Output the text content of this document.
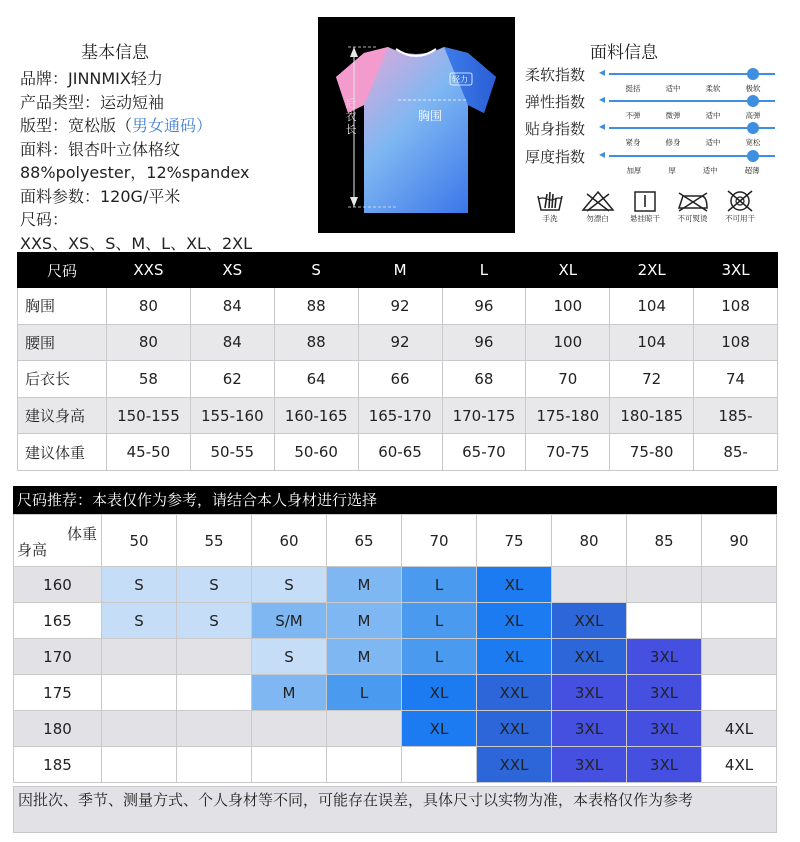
基本信息
品牌：JINNMIX轻力
产品类型：运动短袖
版型：宽松版（男女通码）
面料：银杏叶立体格纹
88%polyester，12%spandex
面料参数：120G/平米
尺码：
XXS、XS、S、M、L、XL、2XL
后衣长
胸围
轻力
面料信息
柔软指数 ◂
挺括	适中	柔软	极软
弹性指数 ◂
不弹	微弹	适中	高弹
贴身指数 ◂
紧身	修身	适中	宽松
厚度指数 ◂
加厚	厚	适中	超薄
手洗	勿漂白	悬挂晾干	不可熨烫	不可用干
尺码	XXS	XS	S	M	L	XL	2XL	3XL
胸围	80	84	88	92	96	100	104	108
腰围	80	84	88	92	96	100	104	108
后衣长	58	62	64	66	68	70	72	74
建议身高	150-155	155-160	160-165	165-170	170-175	175-180	180-185	185-
建议体重	45-50	50-55	50-60	60-65	65-70	70-75	75-80	85-
尺码推荐：本表仅作为参考，请结合本人身材进行选择
体重
身高	50	55	60	65	70	75	80	85	90
160	S	S	S	M	L	XL			
165	S	S	S/M	M	L	XL	XXL		
170			S	M	L	XL	XXL	3XL	
175			M	L	XL	XXL	3XL	3XL	
180					XL	XXL	3XL	3XL	4XL
185						XXL	3XL	3XL	4XL
因批次、季节、测量方式、个人身材等不同，可能存在误差，具体尺寸以实物为准，本表格仅作为参考
